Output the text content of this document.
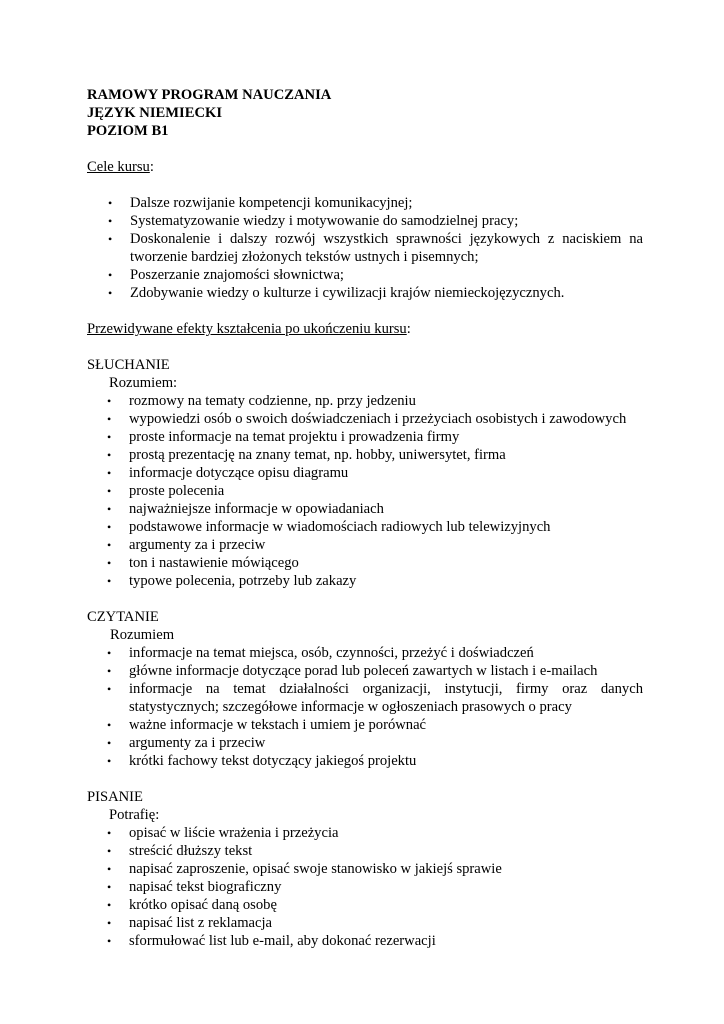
RAMOWY PROGRAM NAUCZANIA
JĘZYK NIEMIECKI
POZIOM B1
Cele kursu:
• Dalsze rozwijanie kompetencji komunikacyjnej;
• Systematyzowanie wiedzy i motywowanie do samodzielnej pracy;
• Doskonalenie i dalszy rozwój wszystkich sprawności językowych z naciskiem na tworzenie bardziej złożonych tekstów ustnych i pisemnych;
• Poszerzanie znajomości słownictwa;
• Zdobywanie wiedzy o kulturze i cywilizacji krajów niemieckojęzycznych.
Przewidywane efekty kształcenia po ukończeniu kursu:
SŁUCHANIE
Rozumiem:
• rozmowy na tematy codzienne, np. przy jedzeniu
• wypowiedzi osób o swoich doświadczeniach i przeżyciach osobistych i zawodowych
• proste informacje na temat projektu i prowadzenia firmy
• prostą prezentację na znany temat, np. hobby, uniwersytet, firma
• informacje dotyczące opisu diagramu
• proste polecenia
• najważniejsze informacje w opowiadaniach
• podstawowe informacje w wiadomościach radiowych lub telewizyjnych
• argumenty za i przeciw
• ton i nastawienie mówiącego
• typowe polecenia, potrzeby lub zakazy
CZYTANIE
Rozumiem
• informacje na temat miejsca, osób, czynności, przeżyć i doświadczeń
• główne informacje dotyczące porad lub poleceń zawartych w listach i e-mailach
• informacje na temat działalności organizacji, instytucji, firmy oraz danych statystycznych; szczegółowe informacje w ogłoszeniach prasowych o pracy
• ważne informacje w tekstach i umiem je porównać
• argumenty za i przeciw
• krótki fachowy tekst dotyczący jakiegoś projektu
PISANIE
Potrafię:
• opisać w liście wrażenia i przeżycia
• streścić dłuższy tekst
• napisać zaproszenie, opisać swoje stanowisko w jakiejś sprawie
• napisać tekst biograficzny
• krótko opisać daną osobę
• napisać list z reklamacja
• sformułować list lub e-mail, aby dokonać rezerwacji
